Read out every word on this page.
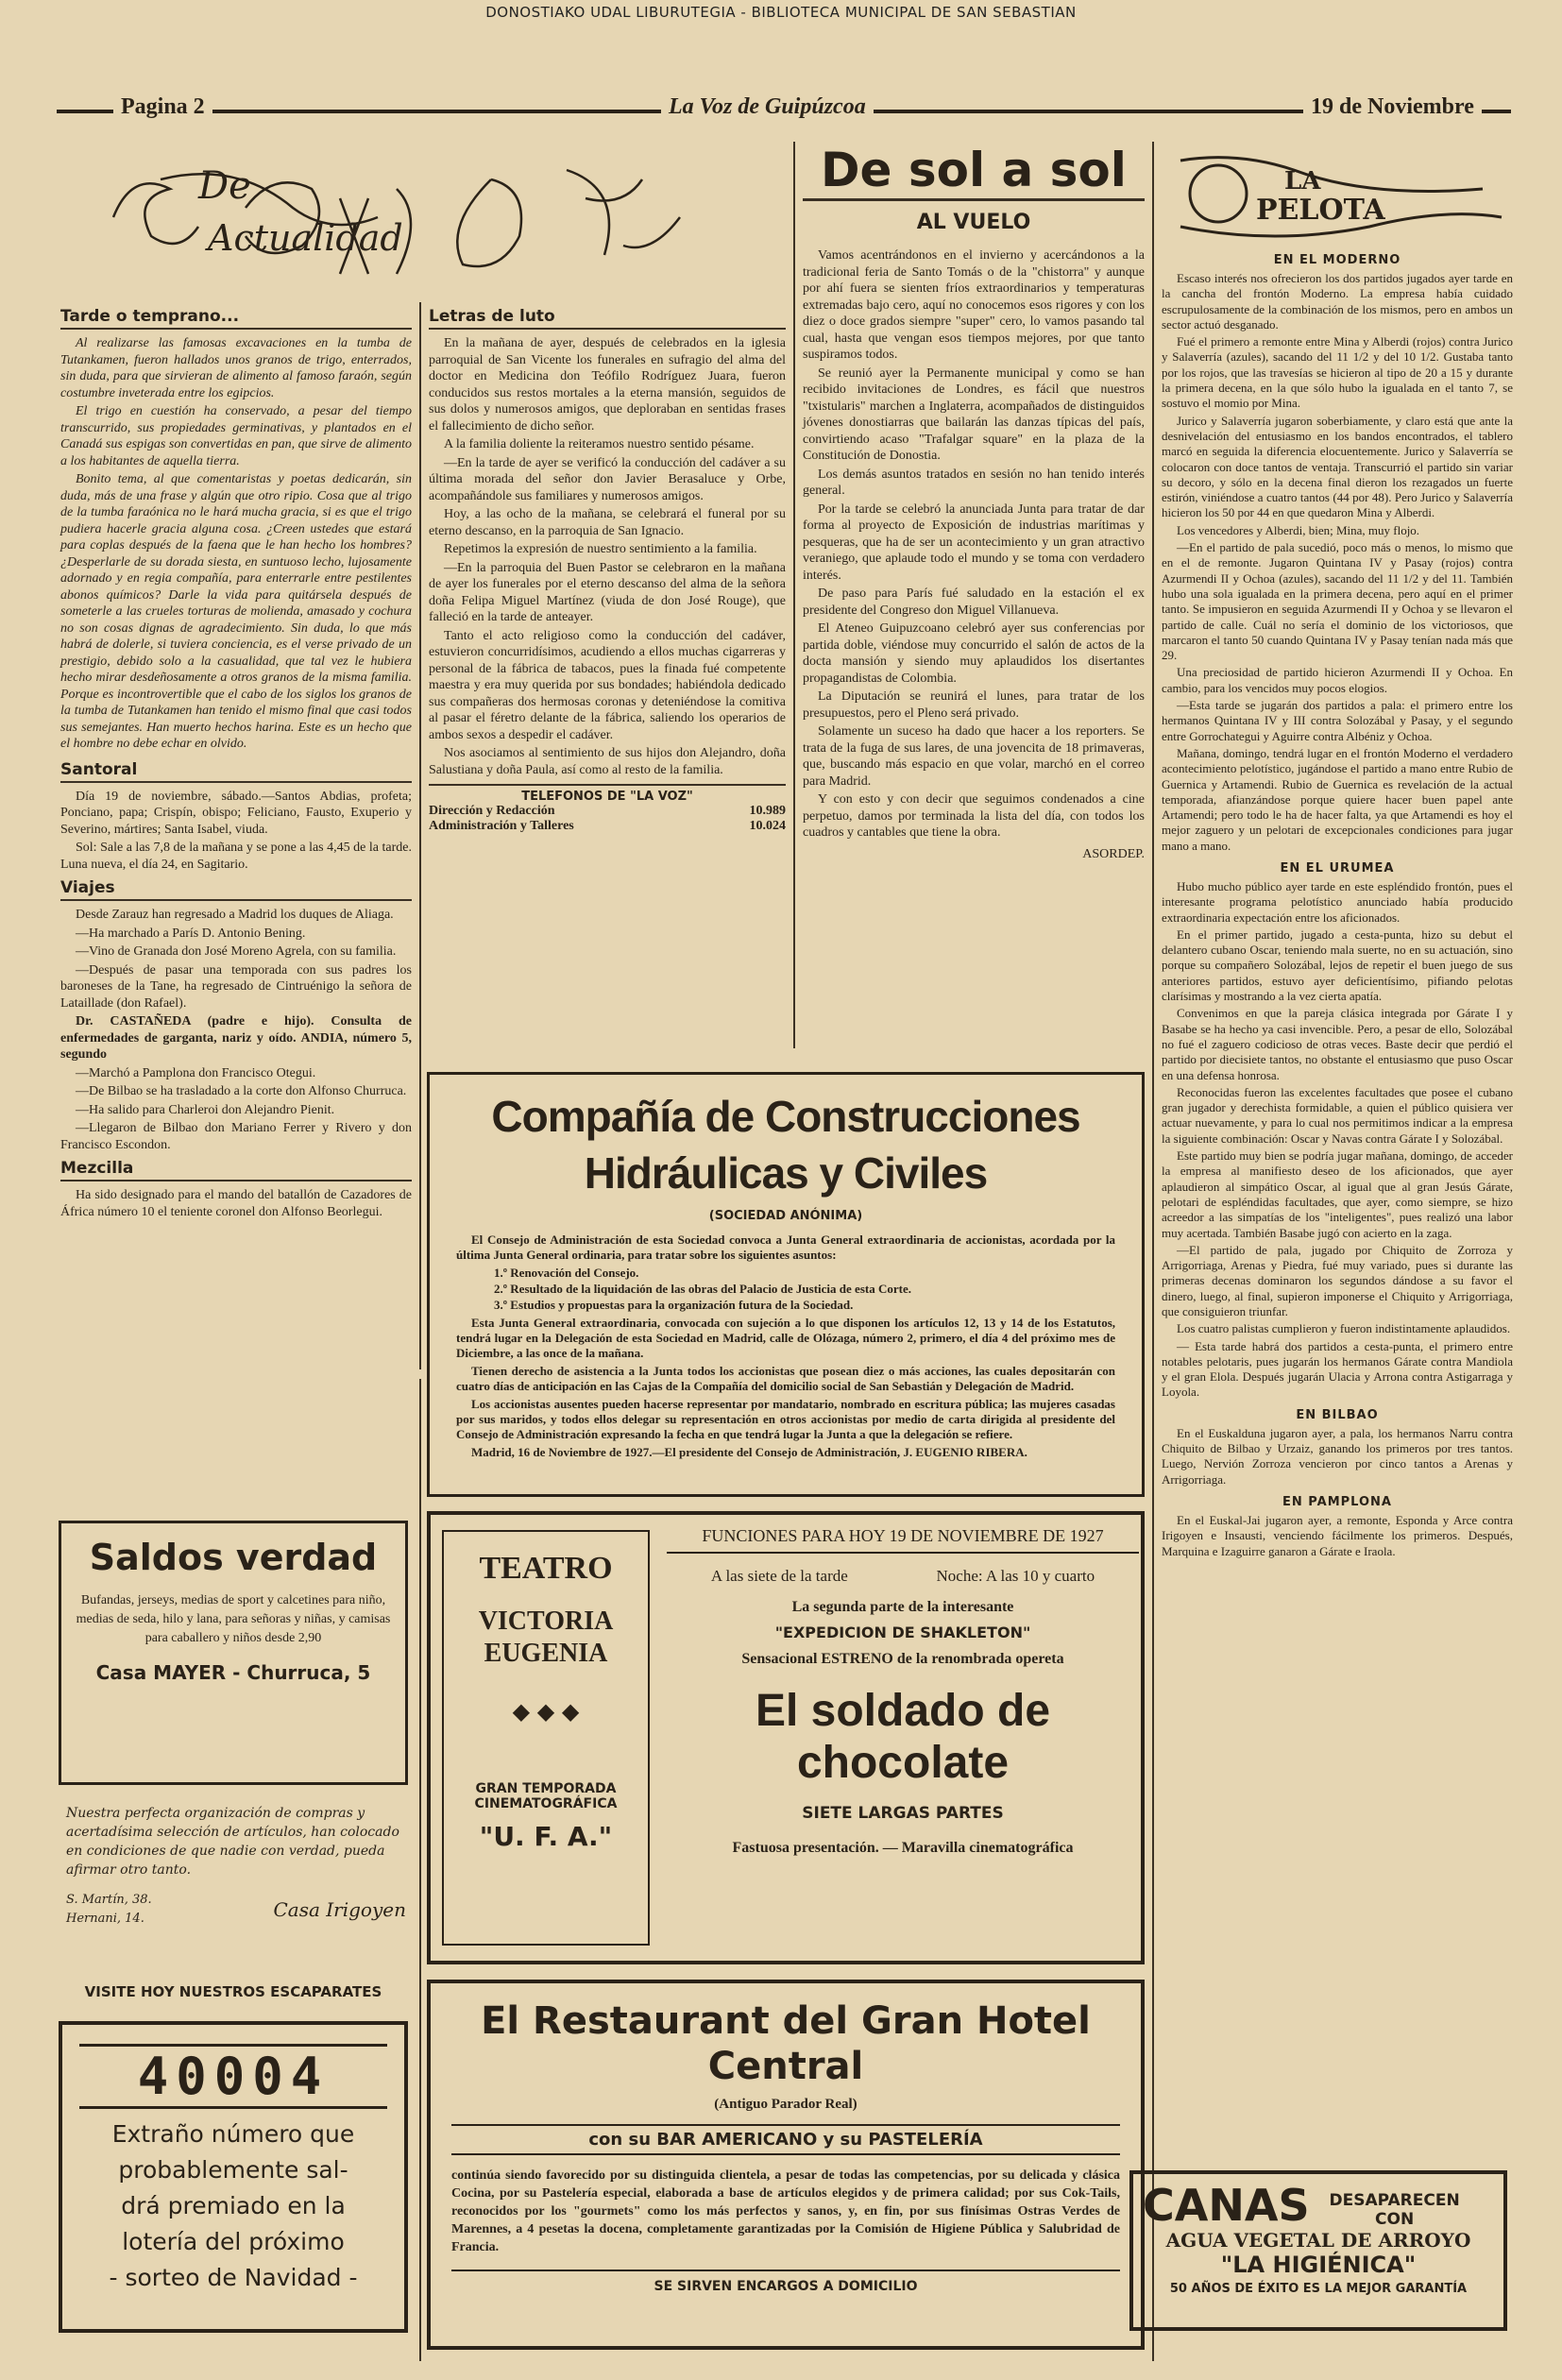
DONOSTIAKO UDAL LIBURUTEGIA - BIBLIOTECA MUNICIPAL DE SAN SEBASTIAN
Pagina 2	La Voz de Guipúzcoa	19 de Noviembre
De
Actualidad
Tarde o temprano...

Al realizarse las famosas excavaciones en la tumba de Tutankamen, fueron hallados unos granos de trigo, enterrados, sin duda, para que sirvieran de alimento al famoso faraón, según costumbre inveterada entre los egipcios.

El trigo en cuestión ha conservado, a pesar del tiempo transcurrido, sus propiedades germinativas, y plantados en el Canadá sus espigas son convertidas en pan, que sirve de alimento a los habitantes de aquella tierra.

Bonito tema, al que comentaristas y poetas dedicarán, sin duda, más de una frase y algún que otro ripio. Cosa que al trigo de la tumba faraónica no le hará mucha gracia, si es que el trigo pudiera hacerle gracia alguna cosa. ¿Creen ustedes que estará para coplas después de la faena que le han hecho los hombres? ¿Desperlarle de su dorada siesta, en suntuoso lecho, lujosamente adornado y en regia compañía, para enterrarle entre pestilentes abonos químicos? Darle la vida para quitársela después de someterle a las crueles torturas de molienda, amasado y cochura no son cosas dignas de agradecimiento. Sin duda, lo que más habrá de dolerle, si tuviera conciencia, es el verse privado de un prestigio, debido solo a la casualidad, que tal vez le hubiera hecho mirar desdeñosamente a otros granos de la misma familia. Porque es incontrovertible que el cabo de los siglos los granos de la tumba de Tutankamen han tenido el mismo final que casi todos sus semejantes. Han muerto hechos harina. Este es un hecho que el hombre no debe echar en olvido.

Santoral

Día 19 de noviembre, sábado.—Santos Abdias, profeta; Ponciano, papa; Crispín, obispo; Feliciano, Fausto, Exuperio y Severino, mártires; Santa Isabel, viuda.

Sol: Sale a las 7,8 de la mañana y se pone a las 4,45 de la tarde. Luna nueva, el día 24, en Sagitario.

Viajes

Desde Zarauz han regresado a Madrid los duques de Aliaga.

—Ha marchado a París D. Antonio Bening.

—Vino de Granada don José Moreno Agrela, con su familia.

—Después de pasar una temporada con sus padres los baroneses de la Tane, ha regresado de Cintruénigo la señora de Lataillade (don Rafael).

Dr. CASTAÑEDA (padre e hijo). Consulta de enfermedades de garganta, nariz y oído. ANDIA, número 5, segundo

—Marchó a Pamplona don Francisco Otegui.

—De Bilbao se ha trasladado a la corte don Alfonso Churruca.

—Ha salido para Charleroi don Alejandro Pienit.

—Llegaron de Bilbao don Mariano Ferrer y Rivero y don Francisco Escondon.

Mezcilla

Ha sido designado para el mando del batallón de Cazadores de África número 10 el teniente coronel don Alfonso Beorlegui.

Saldos verdad
Bufandas, jerseys, medias de sport y calcetines para niño, medias de seda, hilo y lana, para señoras y niñas, y camisas para caballero y niños desde 2,90
Casa MAYER - Churruca, 5
Nuestra perfecta organización de compras y acertadísima selección de artículos, han colocado en condiciones de que nadie con verdad, pueda afirmar otro tanto.
S. Martín, 38. Hernani, 14.	Casa Irigoyen
VISITE HOY NUESTROS ESCAPARATES
40004
Extraño número que
probablemente sal-
drá premiado en la
lotería del próximo
- sorteo de Navidad -
Letras de luto

En la mañana de ayer, después de celebrados en la iglesia parroquial de San Vicente los funerales en sufragio del alma del doctor en Medicina don Teófilo Rodríguez Juara, fueron conducidos sus restos mortales a la eterna mansión, seguidos de sus dolos y numerosos amigos, que deploraban en sentidas frases el fallecimiento de dicho señor.

A la familia doliente la reiteramos nuestro sentido pésame.

—En la tarde de ayer se verificó la conducción del cadáver a su última morada del señor don Javier Berasaluce y Orbe, acompañándole sus familiares y numerosos amigos.

Hoy, a las ocho de la mañana, se celebrará el funeral por su eterno descanso, en la parroquia de San Ignacio.

Repetimos la expresión de nuestro sentimiento a la familia.

—En la parroquia del Buen Pastor se celebraron en la mañana de ayer los funerales por el eterno descanso del alma de la señora doña Felipa Miguel Martínez (viuda de don José Rouge), que falleció en la tarde de anteayer.

Tanto el acto religioso como la conducción del cadáver, estuvieron concurridísimos, acudiendo a ellos muchas cigarreras y personal de la fábrica de tabacos, pues la finada fué competente maestra y era muy querida por sus bondades; habiéndola dedicado sus compañeras dos hermosas coronas y deteniéndose la comitiva al pasar el féretro delante de la fábrica, saliendo los operarios de ambos sexos a despedir el cadáver.

Nos asociamos al sentimiento de sus hijos don Alejandro, doña Salustiana y doña Paula, así como al resto de la familia.

TELEFONOS DE "LA VOZ"
Dirección y Redacción	10.989
Administración y Talleres	10.024
De sol a sol
AL VUELO

Vamos acentrándonos en el invierno y acercándonos a la tradicional feria de Santo Tomás o de la "chistorra" y aunque por ahí fuera se sienten fríos extraordinarios y temperaturas extremadas bajo cero, aquí no conocemos esos rigores y con los diez o doce grados siempre "super" cero, lo vamos pasando tal cual, hasta que vengan esos tiempos mejores, por que tanto suspiramos todos.

Se reunió ayer la Permanente municipal y como se han recibido invitaciones de Londres, es fácil que nuestros "txistularis" marchen a Inglaterra, acompañados de distinguidos jóvenes donostiarras que bailarán las danzas típicas del país, convirtiendo acaso "Trafalgar square" en la plaza de la Constitución de Donostia.

Los demás asuntos tratados en sesión no han tenido interés general.

Por la tarde se celebró la anunciada Junta para tratar de dar forma al proyecto de Exposición de industrias marítimas y pesqueras, que ha de ser un acontecimiento y un gran atractivo veraniego, que aplaude todo el mundo y se toma con verdadero interés.

De paso para París fué saludado en la estación el ex presidente del Congreso don Miguel Villanueva.

El Ateneo Guipuzcoano celebró ayer sus conferencias por partida doble, viéndose muy concurrido el salón de actos de la docta mansión y siendo muy aplaudidos los disertantes propagandistas de Colombia.

La Diputación se reunirá el lunes, para tratar de los presupuestos, pero el Pleno será privado.

Solamente un suceso ha dado que hacer a los reporters. Se trata de la fuga de sus lares, de una jovencita de 18 primaveras, que, buscando más espacio en que volar, marchó en el correo para Madrid.

Y con esto y con decir que seguimos condenados a cine perpetuo, damos por terminada la lista del día, con todos los cuadros y cantables que tiene la obra.

ASORDEP.
LA
PELOTA
EN EL MODERNO

Escaso interés nos ofrecieron los dos partidos jugados ayer tarde en la cancha del frontón Moderno. La empresa había cuidado escrupulosamente de la combinación de los mismos, pero en ambos un sector actuó desganado.

Fué el primero a remonte entre Mina y Alberdi (rojos) contra Jurico y Salaverría (azules), sacando del 11 1/2 y del 10 1/2. Gustaba tanto por los rojos, que las travesías se hicieron al tipo de 20 a 15 y durante la primera decena, en la que sólo hubo la igualada en el tanto 7, se sostuvo el momio por Mina.

Jurico y Salaverría jugaron soberbiamente, y claro está que ante la desnivelación del entusiasmo en los bandos encontrados, el tablero marcó en seguida la diferencia elocuentemente. Jurico y Salaverría se colocaron con doce tantos de ventaja. Transcurrió el partido sin variar su decoro, y sólo en la decena final dieron los rezagados un fuerte estirón, viniéndose a cuatro tantos (44 por 48). Pero Jurico y Salaverría hicieron los 50 por 44 en que quedaron Mina y Alberdi.

Los vencedores y Alberdi, bien; Mina, muy flojo.

—En el partido de pala sucedió, poco más o menos, lo mismo que en el de remonte. Jugaron Quintana IV y Pasay (rojos) contra Azurmendi II y Ochoa (azules), sacando del 11 1/2 y del 11. También hubo una sola igualada en la primera decena, pero aquí en el primer tanto. Se impusieron en seguida Azurmendi II y Ochoa y se llevaron el partido de calle. Cuál no sería el dominio de los victoriosos, que marcaron el tanto 50 cuando Quintana IV y Pasay tenían nada más que 29.

Una preciosidad de partido hicieron Azurmendi II y Ochoa. En cambio, para los vencidos muy pocos elogios.

—Esta tarde se jugarán dos partidos a pala: el primero entre los hermanos Quintana IV y III contra Solozábal y Pasay, y el segundo entre Gorrochategui y Aguirre contra Albéniz y Ochoa.

Mañana, domingo, tendrá lugar en el frontón Moderno el verdadero acontecimiento pelotístico, jugándose el partido a mano entre Rubio de Guernica y Artamendi. Rubio de Guernica es revelación de la actual temporada, afianzándose porque quiere hacer buen papel ante Artamendi; pero todo le ha de hacer falta, ya que Artamendi es hoy el mejor zaguero y un pelotari de excepcionales condiciones para jugar mano a mano.

EN EL URUMEA

Hubo mucho público ayer tarde en este espléndido frontón, pues el interesante programa pelotístico anunciado había producido extraordinaria expectación entre los aficionados.

En el primer partido, jugado a cesta-punta, hizo su debut el delantero cubano Oscar, teniendo mala suerte, no en su actuación, sino porque su compañero Solozábal, lejos de repetir el buen juego de sus anteriores partidos, estuvo ayer deficientísimo, pifiando pelotas clarísimas y mostrando a la vez cierta apatía.

Convenimos en que la pareja clásica integrada por Gárate I y Basabe se ha hecho ya casi invencible. Pero, a pesar de ello, Solozábal no fué el zaguero codicioso de otras veces. Baste decir que perdió el partido por diecisiete tantos, no obstante el entusiasmo que puso Oscar en una defensa honrosa.

Reconocidas fueron las excelentes facultades que posee el cubano gran jugador y derechista formidable, a quien el público quisiera ver actuar nuevamente, y para lo cual nos permitimos indicar a la empresa la siguiente combinación: Oscar y Navas contra Gárate I y Solozábal.

Este partido muy bien se podría jugar mañana, domingo, de acceder la empresa al manifiesto deseo de los aficionados, que ayer aplaudieron al simpático Oscar, al igual que al gran Jesús Gárate, pelotari de espléndidas facultades, que ayer, como siempre, se hizo acreedor a las simpatías de los "inteligentes", pues realizó una labor muy acertada. También Basabe jugó con acierto en la zaga.

—El partido de pala, jugado por Chiquito de Zorroza y Arrigorriaga, Arenas y Piedra, fué muy variado, pues si durante las primeras decenas dominaron los segundos dándose a su favor el dinero, luego, al final, supieron imponerse el Chiquito y Arrigorriaga, que consiguieron triunfar.

Los cuatro palistas cumplieron y fueron indistintamente aplaudidos.

— Esta tarde habrá dos partidos a cesta-punta, el primero entre notables pelotaris, pues jugarán los hermanos Gárate contra Mandiola y el gran Elola. Después jugarán Ulacia y Arrona contra Astigarraga y Loyola.

EN BILBAO

En el Euskalduna jugaron ayer, a pala, los hermanos Narru contra Chiquito de Bilbao y Urzaiz, ganando los primeros por tres tantos. Luego, Nervión Zorroza vencieron por cinco tantos a Arenas y Arrigorriaga.

EN PAMPLONA

En el Euskal-Jai jugaron ayer, a remonte, Esponda y Arce contra Irigoyen e Insausti, venciendo fácilmente los primeros. Después, Marquina e Izaguirre ganaron a Gárate e Iraola.

CANAS	DESAPARECEN CON
AGUA VEGETAL DE ARROYO
"LA HIGIÉNICA"
50 AÑOS DE ÉXITO ES LA MEJOR GARANTÍA
Compañía de Construcciones Hidráulicas y Civiles
(SOCIEDAD ANÓNIMA)

El Consejo de Administración de esta Sociedad convoca a Junta General extraordinaria de accionistas, acordada por la última Junta General ordinaria, para tratar sobre los siguientes asuntos:

1.º Renovación del Consejo.

2.º Resultado de la liquidación de las obras del Palacio de Justicia de esta Corte.

3.º Estudios y propuestas para la organización futura de la Sociedad.

Esta Junta General extraordinaria, convocada con sujeción a lo que disponen los artículos 12, 13 y 14 de los Estatutos, tendrá lugar en la Delegación de esta Sociedad en Madrid, calle de Olózaga, número 2, primero, el día 4 del próximo mes de Diciembre, a las once de la mañana.

Tienen derecho de asistencia a la Junta todos los accionistas que posean diez o más acciones, las cuales depositarán con cuatro días de anticipación en las Cajas de la Compañía del domicilio social de San Sebastián y Delegación de Madrid.

Los accionistas ausentes pueden hacerse representar por mandatario, nombrado en escritura pública; las mujeres casadas por sus maridos, y todos ellos delegar su representación en otros accionistas por medio de carta dirigida al presidente del Consejo de Administración expresando la fecha en que tendrá lugar la Junta a que la delegación se refiere.

Madrid, 16 de Noviembre de 1927.—El presidente del Consejo de Administración, J. EUGENIO RIBERA.

TEATRO
VICTORIA EUGENIA
◆ ◆ ◆
GRAN TEMPORADA CINEMATOGRÁFICA
"U. F. A."
FUNCIONES PARA HOY 19 DE NOVIEMBRE DE 1927
A las siete de la tarde	Noche: A las 10 y cuarto
La segunda parte de la interesante
"EXPEDICION DE SHAKLETON"
Sensacional ESTRENO de la renombrada opereta
El soldado de chocolate
SIETE LARGAS PARTES
Fastuosa presentación. — Maravilla cinematográfica
El Restaurant del Gran Hotel Central
(Antiguo Parador Real)
con su BAR AMERICANO y su PASTELERÍA
continúa siendo favorecido por su distinguida clientela, a pesar de todas las competencias, por su delicada y clásica Cocina, por su Pastelería especial, elaborada a base de artículos elegidos y de primera calidad; por sus Cok-Tails, reconocidos por los "gourmets" como los más perfectos y sanos, y, en fin, por sus finísimas Ostras Verdes de Marennes, a 4 pesetas la docena, completamente garantizadas por la Comisión de Higiene Pública y Salubridad de Francia.
SE SIRVEN ENCARGOS A DOMICILIO
